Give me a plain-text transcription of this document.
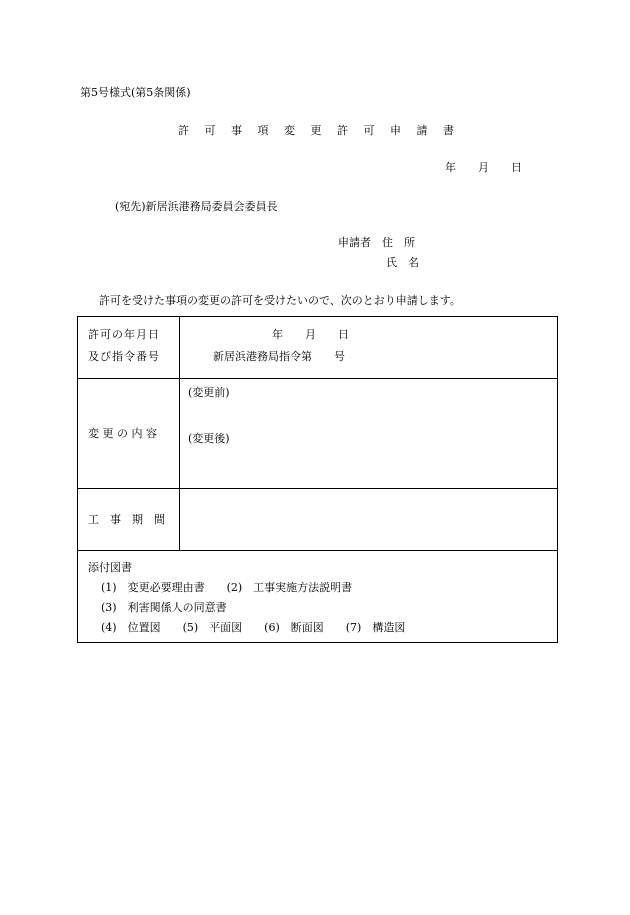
第5号様式(第5条関係)
許 可 事 項 変 更 許 可 申 請 書
年　　月　　日
(宛先)新居浜港務局委員会委員長
申請者　住　所
氏　名
許可を受けた事項の変更の許可を受けたいので、次のとおり申請します。
許可の年月日
及び指令番号
年　　月　　日
新居浜港務局指令第　　号
変 更 の 内 容
(変更前)
(変更後)
工　事　期　間
添付図書
(1)　変更必要理由書　　(2)　工事実施方法説明書
(3)　利害関係人の同意書
(4)　位置図　　(5)　平面図　　(6)　断面図　　(7)　構造図
